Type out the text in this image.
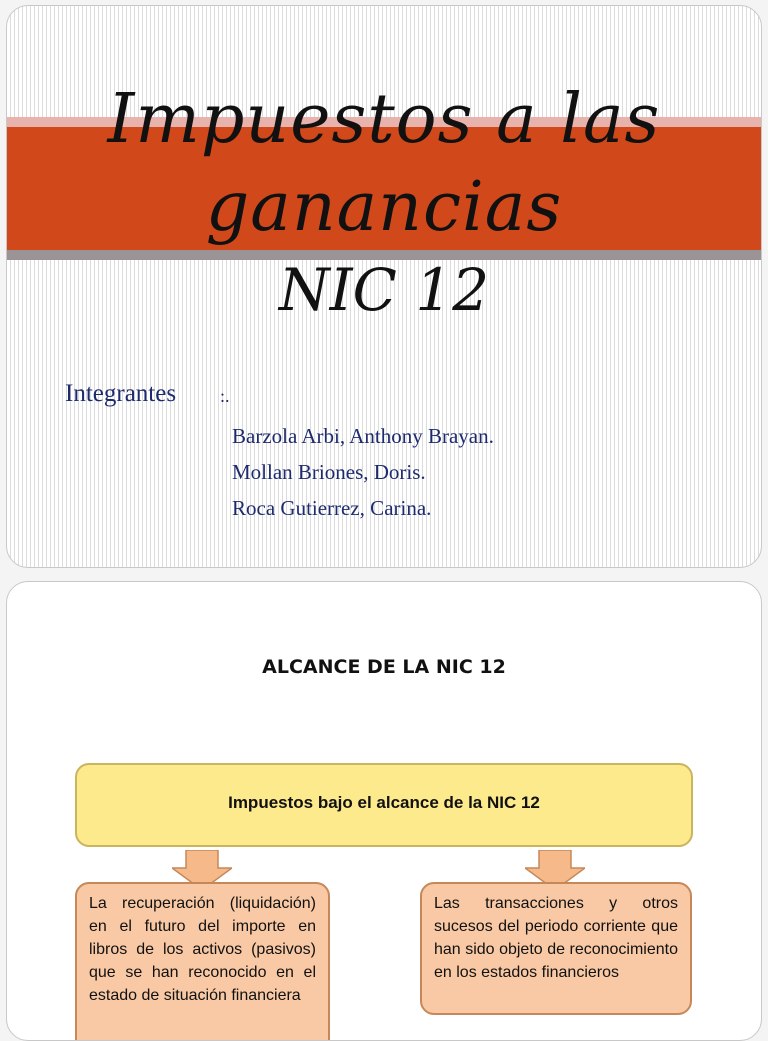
Impuestos a las ganancias
NIC 12
Integrantes :.
Barzola Arbi, Anthony Brayan.
Mollan Briones, Doris.
Roca Gutierrez, Carina.
ALCANCE DE LA NIC 12
Impuestos bajo el alcance de la NIC 12
La recuperación (liquidación) en el futuro del importe en libros de los activos (pasivos) que se han reconocido en el estado de situación financiera
Las transacciones y otros sucesos del periodo corriente que han sido objeto de reconocimiento en los estados financieros
